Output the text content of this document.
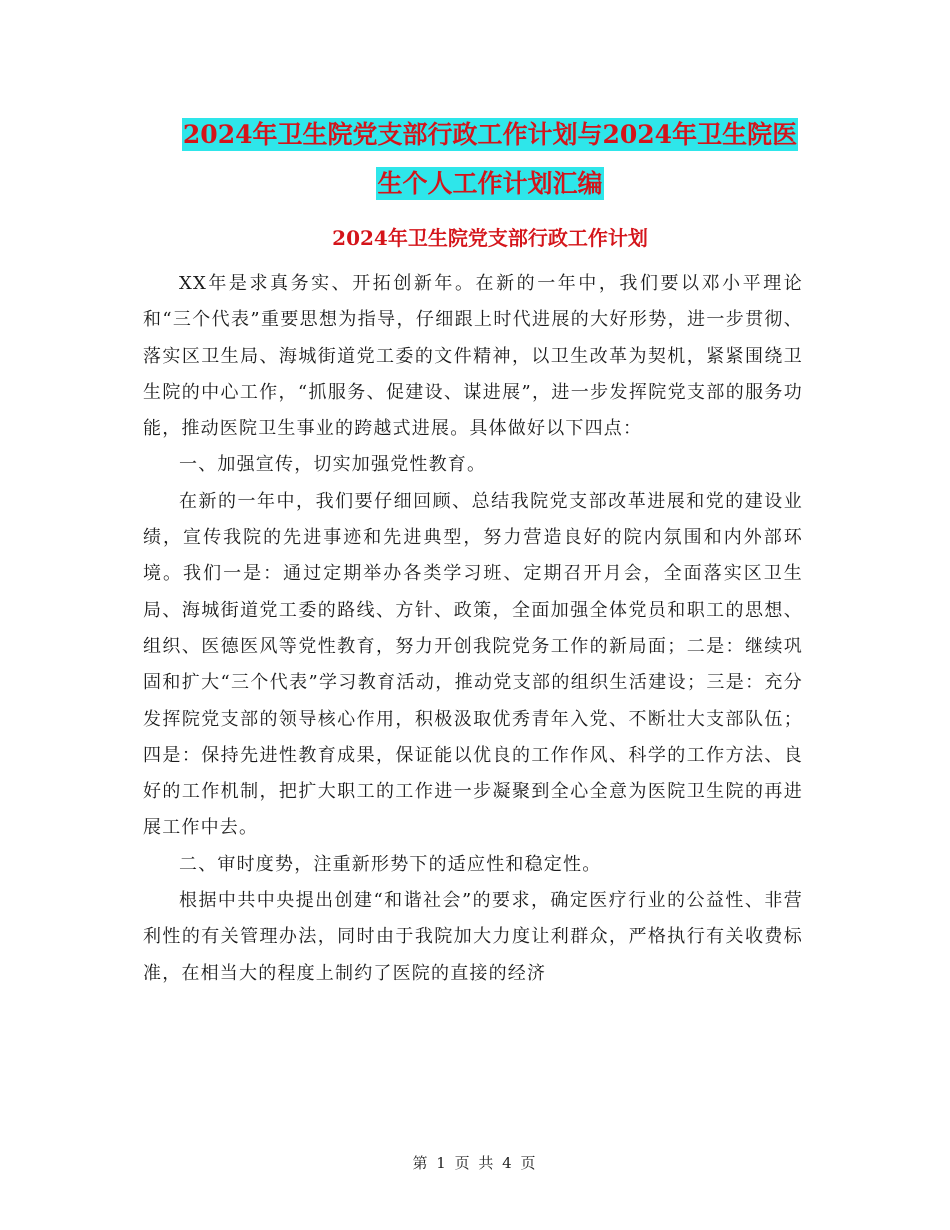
2024年卫生院党支部行政工作计划与2024年卫生院医
生个人工作计划汇编
2024年卫生院党支部行政工作计划

XX年是求真务实、开拓创新年。在新的一年中，我们要以邓小平理论和“三个代表”重要思想为指导，仔细跟上时代进展的大好形势，进一步贯彻、落实区卫生局、海城街道党工委的文件精神，以卫生改革为契机，紧紧围绕卫生院的中心工作，“抓服务、促建设、谋进展”，进一步发挥院党支部的服务功能，推动医院卫生事业的跨越式进展。具体做好以下四点：

一、加强宣传，切实加强党性教育。

在新的一年中，我们要仔细回顾、总结我院党支部改革进展和党的建设业绩，宣传我院的先进事迹和先进典型，努力营造良好的院内氛围和内外部环境。我们一是：通过定期举办各类学习班、定期召开月会，全面落实区卫生局、海城街道党工委的路线、方针、政策，全面加强全体党员和职工的思想、组织、医德医风等党性教育，努力开创我院党务工作的新局面；二是：继续巩固和扩大“三个代表”学习教育活动，推动党支部的组织生活建设；三是：充分发挥院党支部的领导核心作用，积极汲取优秀青年入党、不断壮大支部队伍；四是：保持先进性教育成果，保证能以优良的工作作风、科学的工作方法、良好的工作机制，把扩大职工的工作进一步凝聚到全心全意为医院卫生院的再进展工作中去。

二、审时度势，注重新形势下的适应性和稳定性。

根据中共中央提出创建“和谐社会”的要求，确定医疗行业的公益性、非营利性的有关管理办法，同时由于我院加大力度让利群众，严格执行有关收费标准，在相当大的程度上制约了医院的直接的经济

第 1 页 共 4 页
